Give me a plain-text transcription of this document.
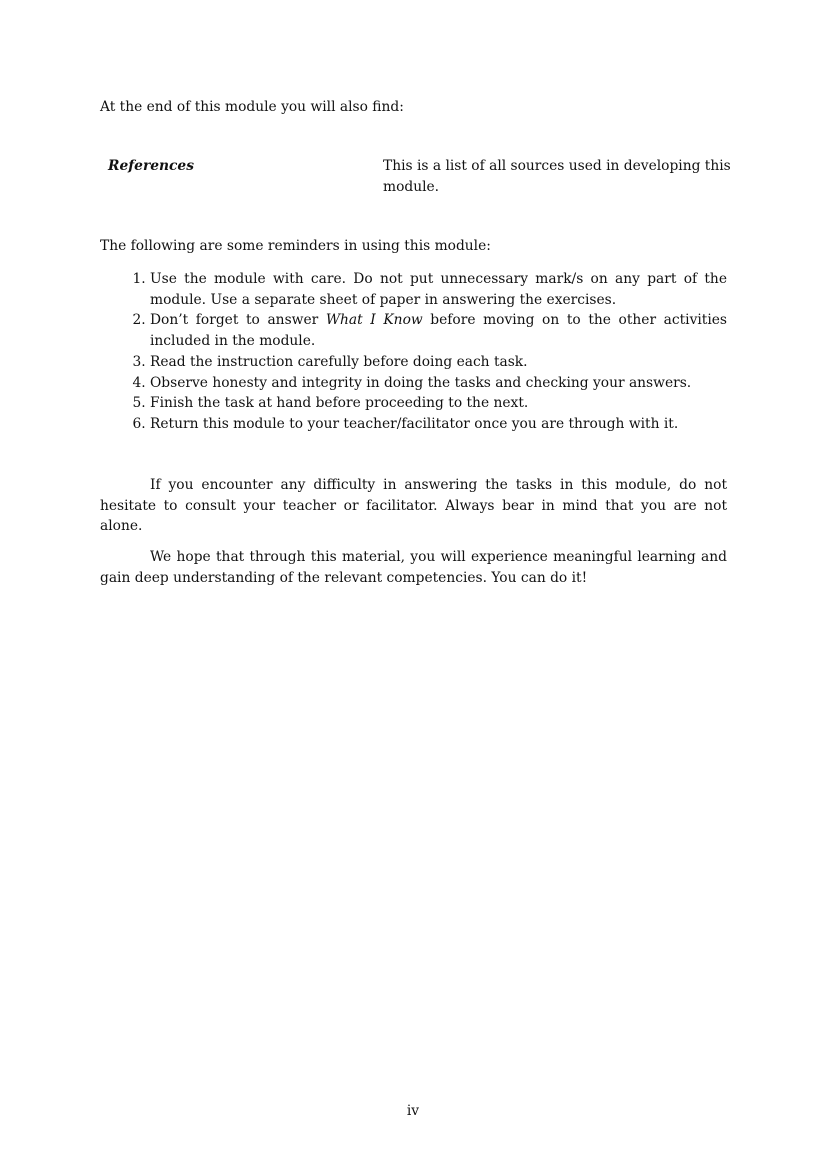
At the end of this module you will also find:
References	This is a list of all sources used in developing this module.
The following are some reminders in using this module:
1. Use the module with care. Do not put unnecessary mark/s on any part of the module. Use a separate sheet of paper in answering the exercises.
2. Don’t forget to answer What I Know before moving on to the other activities included in the module.
3. Read the instruction carefully before doing each task.
4. Observe honesty and integrity in doing the tasks and checking your answers.
5. Finish the task at hand before proceeding to the next.
6. Return this module to your teacher/facilitator once you are through with it.

If you encounter any difficulty in answering the tasks in this module, do not hesitate to consult your teacher or facilitator. Always bear in mind that you are not alone.

We hope that through this material, you will experience meaningful learning and gain deep understanding of the relevant competencies. You can do it!

iv
